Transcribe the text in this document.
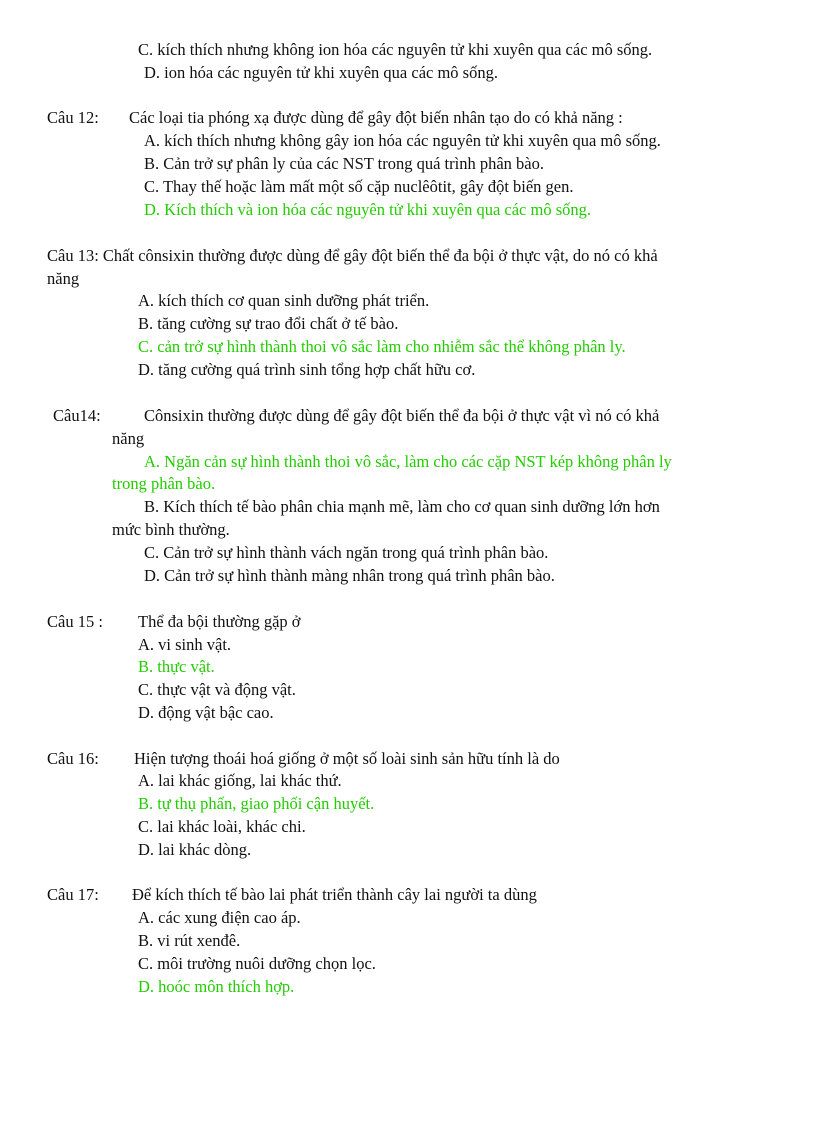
C. kích thích nhưng không ion hóa các nguyên tử khi xuyên qua các mô sống.
D. ion hóa các nguyên tử khi xuyên qua các mô sống.
Câu 12: Các loại tia phóng xạ được dùng để gây đột biến nhân tạo do có khả năng :
A. kích thích nhưng không gây ion hóa các nguyên tử khi xuyên qua mô sống.
B. Cản trở sự phân ly của các NST trong quá trình phân bào.
C. Thay thế hoặc làm mất một số cặp nuclêôtit, gây đột biến gen.
D. Kích thích và ion hóa các nguyên tử khi xuyên qua các mô sống.
Câu 13: Chất cônsixin thường được dùng để gây đột biến thể đa bội ở thực vật, do nó có khả
năng
A. kích thích cơ quan sinh dưỡng phát triển.
B. tăng cường sự trao đổi chất ở tế bào.
C. cản trở sự hình thành thoi vô sắc làm cho nhiễm sắc thể không phân ly.
D. tăng cường quá trình sinh tổng hợp chất hữu cơ.
Câu14:	Cônsixin thường được dùng để gây đột biến thể đa bội ở thực vật vì nó có khả
năng
A. Ngăn cản sự hình thành thoi vô sắc, làm cho các cặp NST kép không phân ly
trong phân bào.
B. Kích thích tế bào phân chia mạnh mẽ, làm cho cơ quan sinh dưỡng lớn hơn
mức bình thường.
C. Cản trở sự hình thành vách ngăn trong quá trình phân bào.
D. Cản trở sự hình thành màng nhân trong quá trình phân bào.
Câu 15 : Thể đa bội thường gặp ở
A. vi sinh vật.
B. thực vật.
C. thực vật và động vật.
D. động vật bậc cao.
Câu 16: Hiện tượng thoái hoá giống ở một số loài sinh sản hữu tính là do
A. lai khác giống, lai khác thứ.
B. tự thụ phấn, giao phối cận huyết.
C. lai khác loài, khác chi.
D. lai khác dòng.
Câu 17: Để kích thích tế bào lai phát triển thành cây lai người ta dùng
A. các xung điện cao áp.
B. vi rút xenđê.
C. môi trường nuôi dưỡng chọn lọc.
D. hoóc môn thích hợp.
